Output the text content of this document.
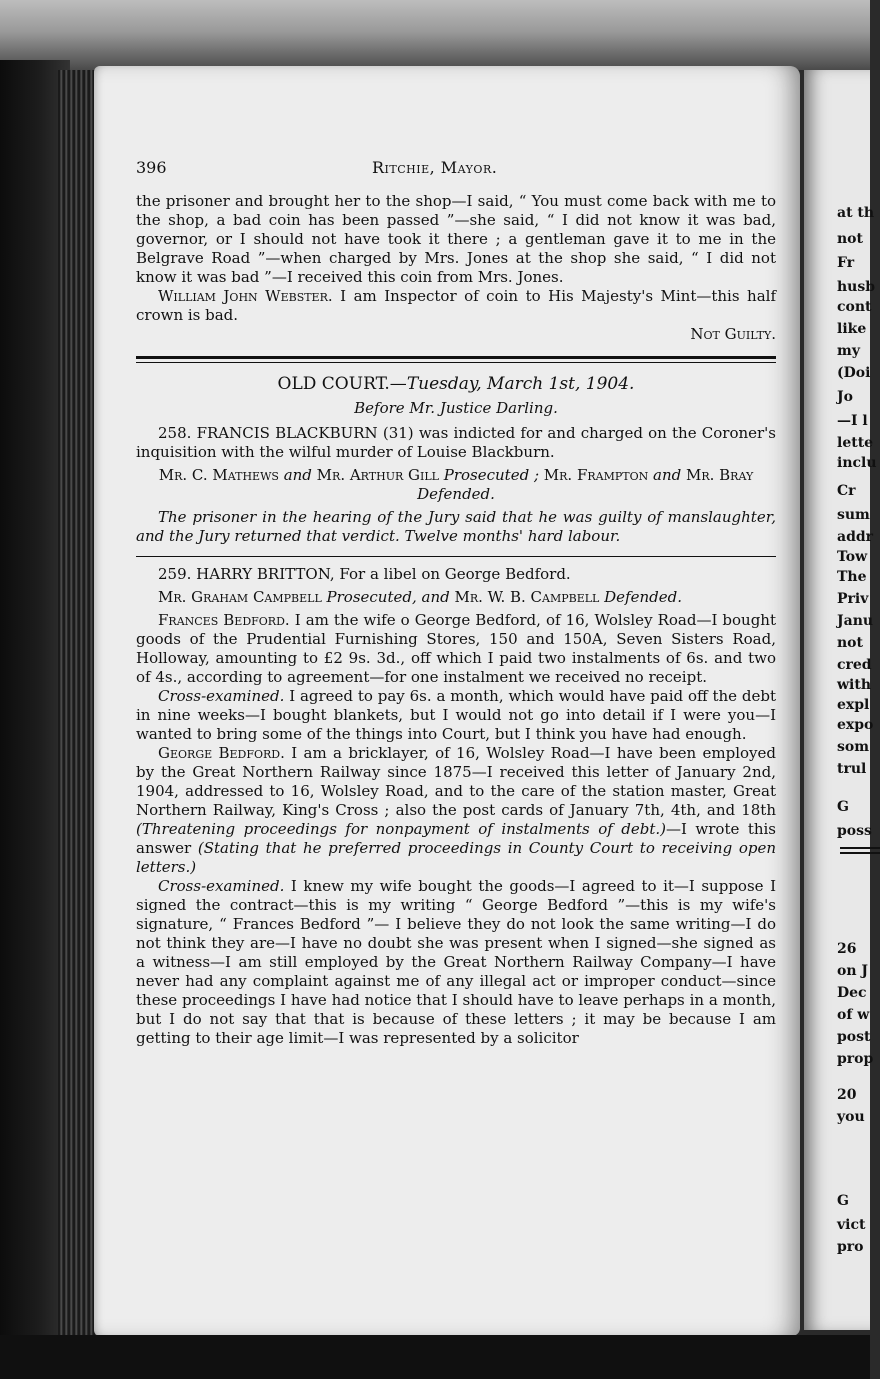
at th
not
Fr
husb
cont
like
my
(Doi
Jo
—I l
lette
inclu
Cr
sum
addr
Tow
The
Priv
Janu
not
cred
with
expl
expo
som
trul
G
poss
26
on J
Dec
of w
post
prop
20
you
G
vict
pro
396	Ritchie, Mayor.

the prisoner and brought her to the shop—I said, “ You must come back with me to the shop, a bad coin has been passed ”—she said, “ I did not know it was bad, governor, or I should not have took it there ; a gentleman gave it to me in the Belgrave Road ”—when charged by Mrs. Jones at the shop she said, “ I did not know it was bad ”—I received this coin from Mrs. Jones.

William John Webster. I am Inspector of coin to His Majesty's Mint—this half crown is bad.

Not Guilty.

OLD COURT.—Tuesday, March 1st, 1904.

Before Mr. Justice Darling.

258. FRANCIS BLACKBURN (31) was indicted for and charged on the Coroner's inquisition with the wilful murder of Louise Blackburn.

Mr. C. Mathews and Mr. Arthur Gill Prosecuted ; Mr. Frampton and Mr. Bray Defended.

The prisoner in the hearing of the Jury said that he was guilty of manslaughter, and the Jury returned that verdict. Twelve months' hard labour.

259. HARRY BRITTON, For a libel on George Bedford.

Mr. Graham Campbell Prosecuted, and Mr. W. B. Campbell Defended.

Frances Bedford. I am the wife o George Bedford, of 16, Wolsley Road—I bought goods of the Prudential Furnishing Stores, 150 and 150A, Seven Sisters Road, Holloway, amounting to £2 9s. 3d., off which I paid two instalments of 6s. and two of 4s., according to agreement—for one instalment we received no receipt.

Cross-examined. I agreed to pay 6s. a month, which would have paid off the debt in nine weeks—I bought blankets, but I would not go into detail if I were you—I wanted to bring some of the things into Court, but I think you have had enough.

George Bedford. I am a bricklayer, of 16, Wolsley Road—I have been employed by the Great Northern Railway since 1875—I received this letter of January 2nd, 1904, addressed to 16, Wolsley Road, and to the care of the station master, Great Northern Railway, King's Cross ; also the post cards of January 7th, 4th, and 18th (Threatening proceedings for nonpayment of instalments of debt.)—I wrote this answer (Stating that he preferred proceedings in County Court to receiving open letters.)

Cross-examined. I knew my wife bought the goods—I agreed to it—I suppose I signed the contract—this is my writing “ George Bedford ”—this is my wife's signature, “ Frances Bedford ”— I believe they do not look the same writing—I do not think they are—I have no doubt she was present when I signed—she signed as a witness—I am still employed by the Great Northern Railway Company—I have never had any complaint against me of any illegal act or improper conduct—since these proceedings I have had notice that I should have to leave perhaps in a month, but I do not say that that is because of these letters ; it may be because I am getting to their age limit—I was represented by a solicitor
